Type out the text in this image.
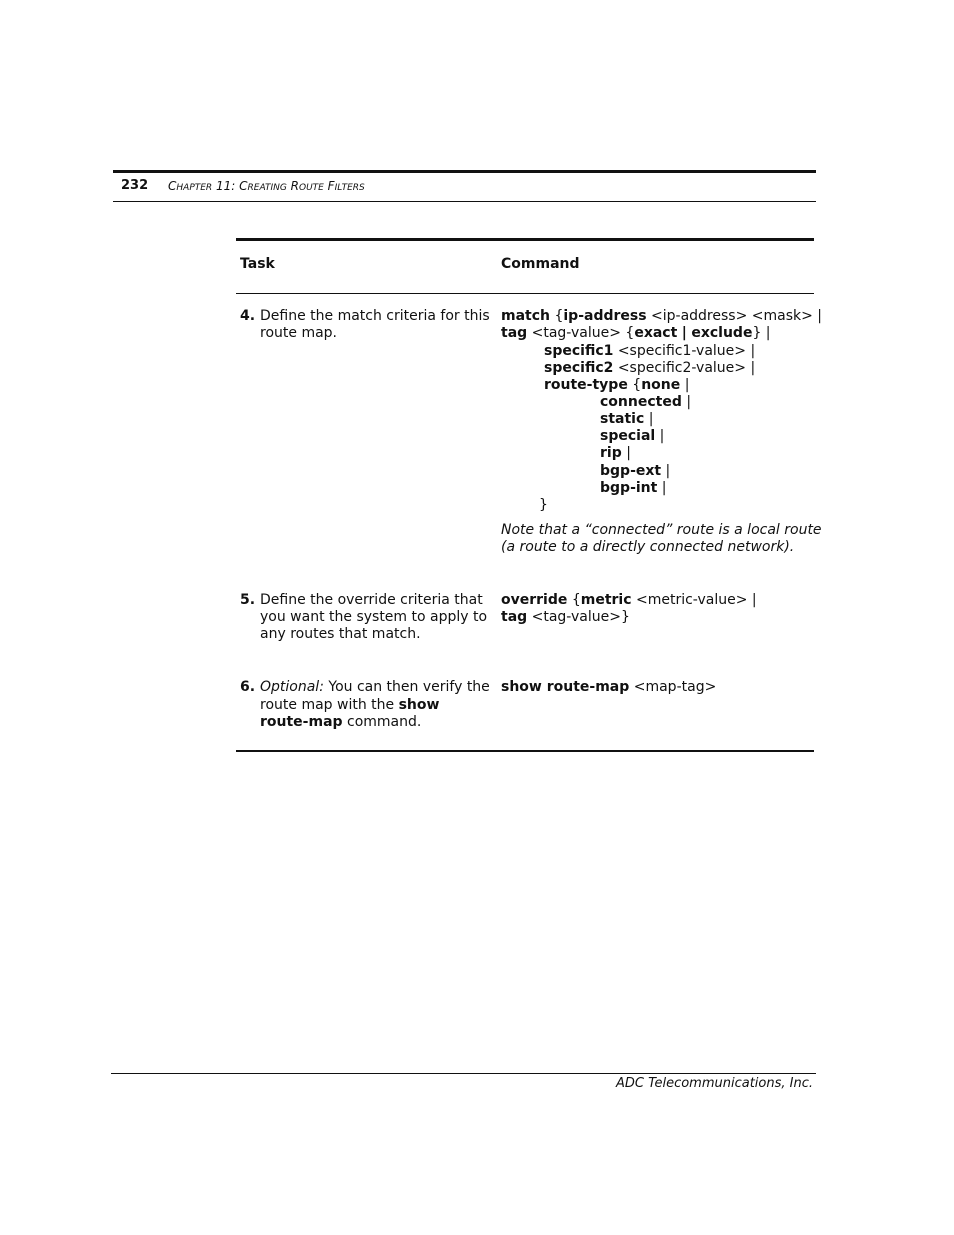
232 CHAPTER 11: CREATING ROUTE FILTERS
Task	Command
4. Define the match criteria for this
route map.
match {ip-address <ip-address> <mask> |
tag <tag-value> {exact | exclude} |
specific1 <specific1-value> |
specific2 <specific2-value> |
route-type {none |
connected |
static |
special |
rip |
bgp-ext |
bgp-int |
}
Note that a “connected” route is a local route
(a route to a directly connected network).
5. Define the override criteria that
you want the system to apply to
any routes that match.
override {metric <metric-value> |
tag <tag-value>}
6. Optional: You can then verify the
route map with the show
route-map command.
show route-map <map-tag>
ADC Telecommunications, Inc.
